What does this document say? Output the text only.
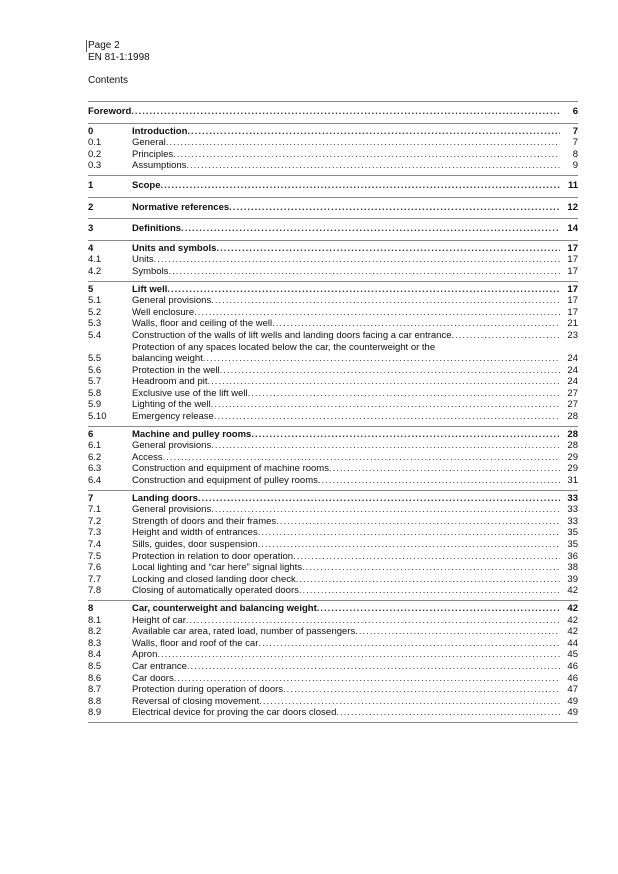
Page 2
EN 81-1:1998
Contents
Foreword .....	6
0	Introduction .....	7
0.1	General .....	7
0.2	Principles .....	8
0.3	Assumptions .....	9
1	Scope .....	11
2	Normative references .....	12
3	Definitions .....	14
4	Units and symbols .....	17
4.1	Units .....	17
4.2	Symbols .....	17
5	Lift well .....	17
5.1	General provisions .....	17
5.2	Well enclosure .....	17
5.3	Walls, floor and ceiling of the well .....	21
5.4	Construction of the walls of lift wells and landing doors facing a car entrance .....	23
5.5
Protection of any spaces located below the car, the counterweight or the
balancing weight .....	24
5.6	Protection in the well .....	24
5.7	Headroom and pit .....	24
5.8	Exclusive use of the lift well .....	27
5.9	Lighting of the well .....	27
5.10	Emergency release .....	28
6	Machine and pulley rooms .....	28
6.1	General provisions .....	28
6.2	Access .....	29
6.3	Construction and equipment of machine rooms .....	29
6.4	Construction and equipment of pulley rooms .....	31
7	Landing doors .....	33
7.1	General provisions .....	33
7.2	Strength of doors and their frames .....	33
7.3	Height and width of entrances .....	35
7.4	Sills, guides, door suspension .....	35
7.5	Protection in relation to door operation .....	36
7.6	Local lighting and “car here” signal lights .....	38
7.7	Locking and closed landing door check .....	39
7.8	Closing of automatically operated doors .....	42
8	Car, counterweight and balancing weight .....	42
8.1	Height of car .....	42
8.2	Available car area, rated load, number of passengers .....	42
8.3	Walls, floor and roof of the car .....	44
8.4	Apron .....	45
8.5	Car entrance .....	46
8.6	Car doors .....	46
8.7	Protection during operation of doors .....	47
8.8	Reversal of closing movement .....	49
8.9	Electrical device for proving the car doors closed .....	49
